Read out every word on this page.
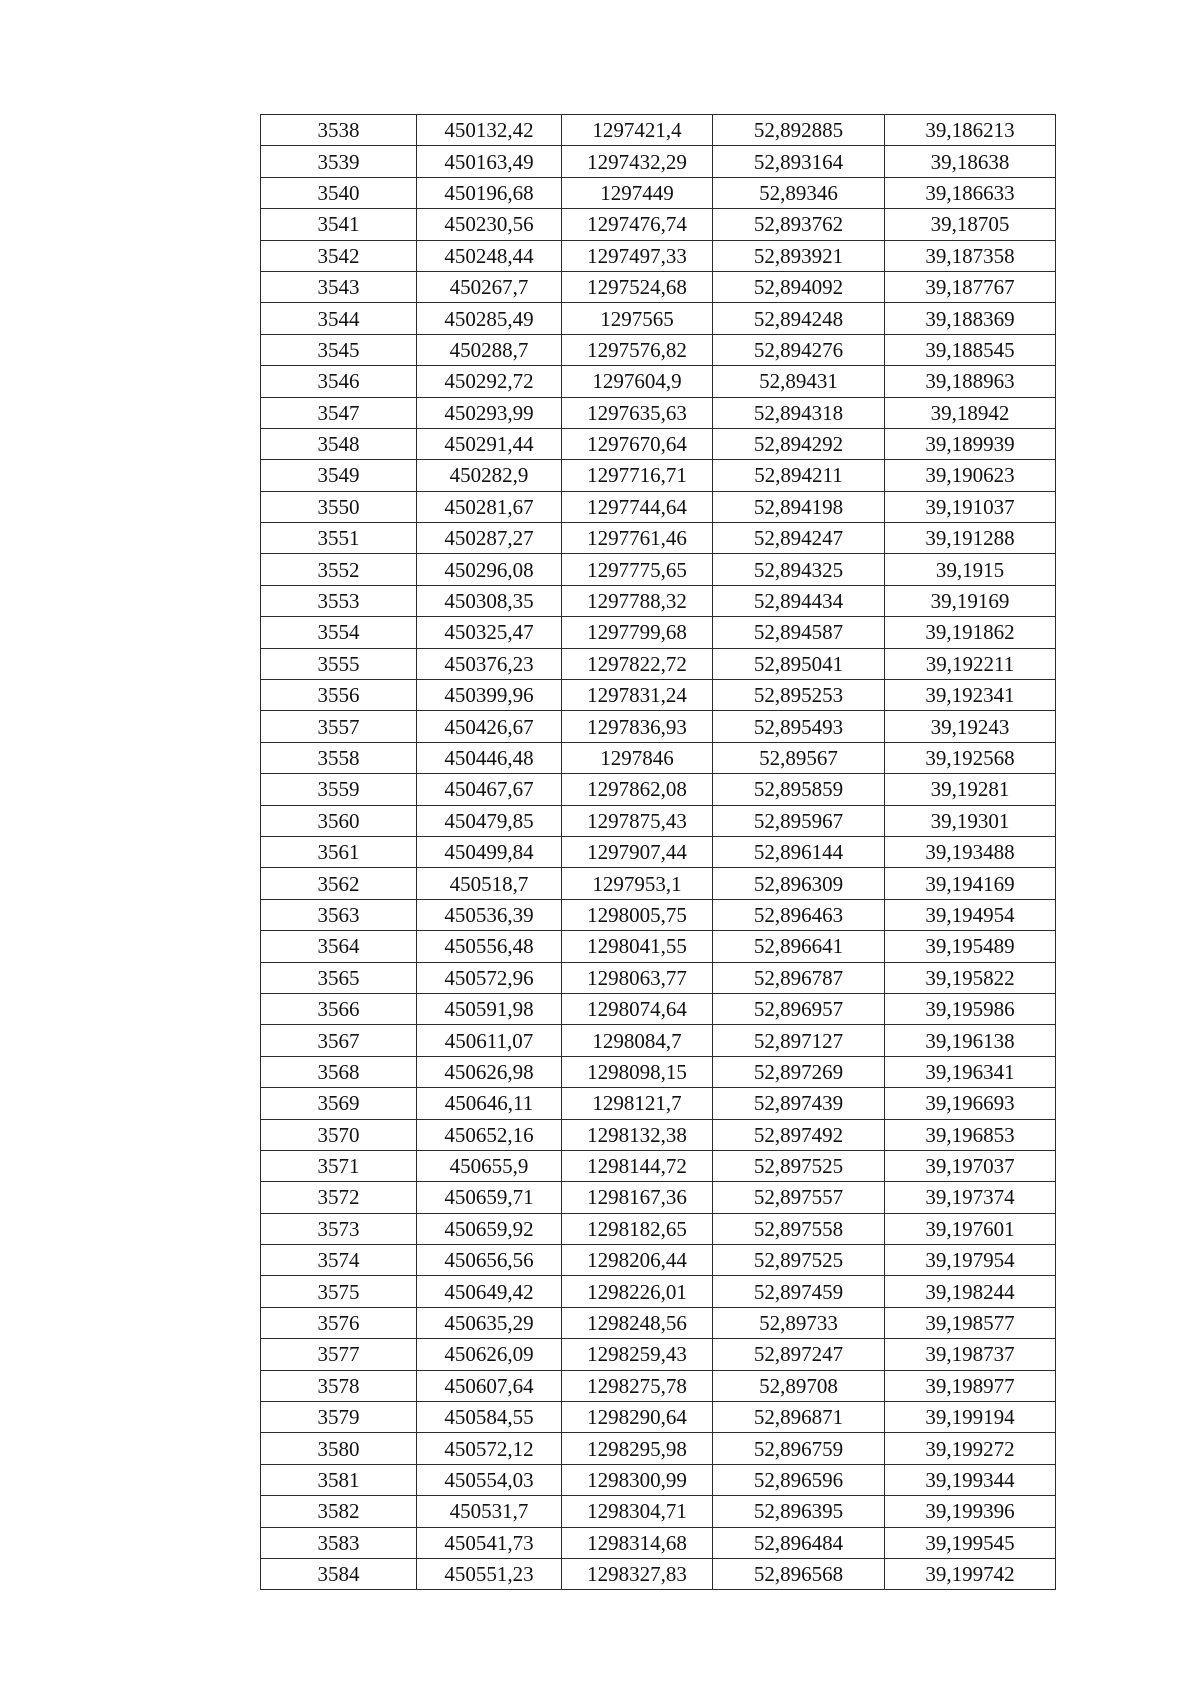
3538	450132,42	1297421,4	52,892885	39,186213
3539	450163,49	1297432,29	52,893164	39,18638
3540	450196,68	1297449	52,89346	39,186633
3541	450230,56	1297476,74	52,893762	39,18705
3542	450248,44	1297497,33	52,893921	39,187358
3543	450267,7	1297524,68	52,894092	39,187767
3544	450285,49	1297565	52,894248	39,188369
3545	450288,7	1297576,82	52,894276	39,188545
3546	450292,72	1297604,9	52,89431	39,188963
3547	450293,99	1297635,63	52,894318	39,18942
3548	450291,44	1297670,64	52,894292	39,189939
3549	450282,9	1297716,71	52,894211	39,190623
3550	450281,67	1297744,64	52,894198	39,191037
3551	450287,27	1297761,46	52,894247	39,191288
3552	450296,08	1297775,65	52,894325	39,1915
3553	450308,35	1297788,32	52,894434	39,19169
3554	450325,47	1297799,68	52,894587	39,191862
3555	450376,23	1297822,72	52,895041	39,192211
3556	450399,96	1297831,24	52,895253	39,192341
3557	450426,67	1297836,93	52,895493	39,19243
3558	450446,48	1297846	52,89567	39,192568
3559	450467,67	1297862,08	52,895859	39,19281
3560	450479,85	1297875,43	52,895967	39,19301
3561	450499,84	1297907,44	52,896144	39,193488
3562	450518,7	1297953,1	52,896309	39,194169
3563	450536,39	1298005,75	52,896463	39,194954
3564	450556,48	1298041,55	52,896641	39,195489
3565	450572,96	1298063,77	52,896787	39,195822
3566	450591,98	1298074,64	52,896957	39,195986
3567	450611,07	1298084,7	52,897127	39,196138
3568	450626,98	1298098,15	52,897269	39,196341
3569	450646,11	1298121,7	52,897439	39,196693
3570	450652,16	1298132,38	52,897492	39,196853
3571	450655,9	1298144,72	52,897525	39,197037
3572	450659,71	1298167,36	52,897557	39,197374
3573	450659,92	1298182,65	52,897558	39,197601
3574	450656,56	1298206,44	52,897525	39,197954
3575	450649,42	1298226,01	52,897459	39,198244
3576	450635,29	1298248,56	52,89733	39,198577
3577	450626,09	1298259,43	52,897247	39,198737
3578	450607,64	1298275,78	52,89708	39,198977
3579	450584,55	1298290,64	52,896871	39,199194
3580	450572,12	1298295,98	52,896759	39,199272
3581	450554,03	1298300,99	52,896596	39,199344
3582	450531,7	1298304,71	52,896395	39,199396
3583	450541,73	1298314,68	52,896484	39,199545
3584	450551,23	1298327,83	52,896568	39,199742
